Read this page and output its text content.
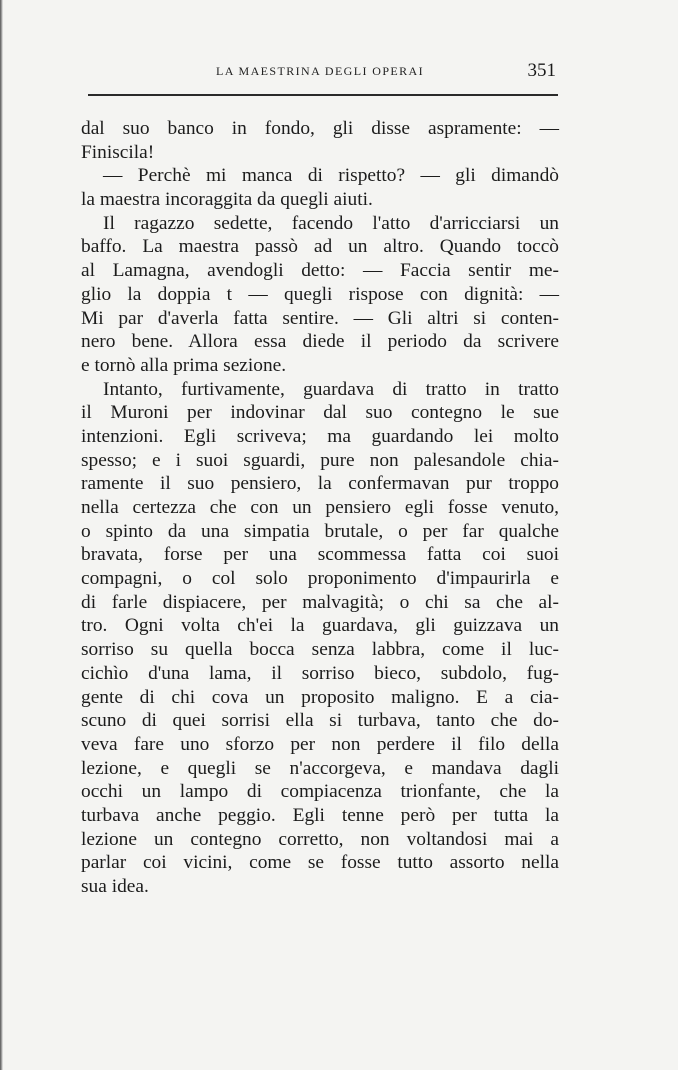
LA MAESTRINA DEGLI OPERAI	351
dal suo banco in fondo, gli disse aspramente: —
Finiscila!
— Perchè mi manca di rispetto? — gli dimandò
la maestra incoraggita da quegli aiuti.
Il ragazzo sedette, facendo l'atto d'arricciarsi un
baffo. La maestra passò ad un altro. Quando toccò
al Lamagna, avendogli detto: — Faccia sentir me-
glio la doppia t — quegli rispose con dignità: —
Mi par d'averla fatta sentire. — Gli altri si conten-
nero bene. Allora essa diede il periodo da scrivere
e tornò alla prima sezione.
Intanto, furtivamente, guardava di tratto in tratto
il Muroni per indovinar dal suo contegno le sue
intenzioni. Egli scriveva; ma guardando lei molto
spesso; e i suoi sguardi, pure non palesandole chia-
ramente il suo pensiero, la confermavan pur troppo
nella certezza che con un pensiero egli fosse venuto,
o spinto da una simpatia brutale, o per far qualche
bravata, forse per una scommessa fatta coi suoi
compagni, o col solo proponimento d'impaurirla e
di farle dispiacere, per malvagità; o chi sa che al-
tro. Ogni volta ch'ei la guardava, gli guizzava un
sorriso su quella bocca senza labbra, come il luc-
cichìo d'una lama, il sorriso bieco, subdolo, fug-
gente di chi cova un proposito maligno. E a cia-
scuno di quei sorrisi ella si turbava, tanto che do-
veva fare uno sforzo per non perdere il filo della
lezione, e quegli se n'accorgeva, e mandava dagli
occhi un lampo di compiacenza trionfante, che la
turbava anche peggio. Egli tenne però per tutta la
lezione un contegno corretto, non voltandosi mai a
parlar coi vicini, come se fosse tutto assorto nella
sua idea.
